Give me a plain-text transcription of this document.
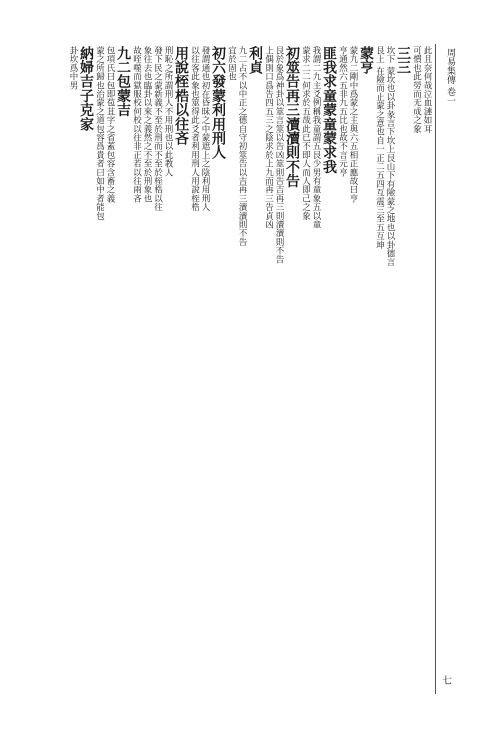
周易集傳 卷一
七
此且奈何哉泣血漣如耳
可慣也此勞而无成之象
三三
坎下 蒙坎也以卦彖言下坎上艮山下有險蒙之地也以卦德言
艮上 在險而止蒙之意也自一正二五四互震三至五互坤
蒙亨
蒙九二剛中爲蒙之主與六五相正應故曰亨
亨通然六五非九五比也故不言元亨
匪我求童蒙童蒙求我
我謂二九主爻例稱我童謂五艮少男有童象五以童
蒙求二二何求於五哉此已不即人而人即己之象
初筮告再三瀆瀆則不告
艮於象爲神卦以筮言筮以告凶筮則告吉再三則瀆瀆則不告
上偶則口爲告四五三之陰求於上九而再三告貞凶
利貞
九二占不以中正之德自守初筮告以吉再三瀆瀆則不告
宜於固也
初六發蒙利用刑人
發謂通也初在昏昧之中蒙遮上之陰利用刑人
以往客此象也筮得此爻者利用刑人用說桎梏
用說桎梏以往吝
刑恥之所謂刑人不用刑也以此教人
發下民之蒙新義不至於刑而不至於桎梏以往
象往去也臨卦以來之義然之不至於刑象也
故咥噬而獄服校何校以往非正若以往兩吝
九二包蒙吉
包項氏曰包即苞苴字之省蓋包容含畜之義
蒙之所歸也治蒙之道包容爲貴者曰如中者能包
納婦吉子克家
卦坎爲中男
